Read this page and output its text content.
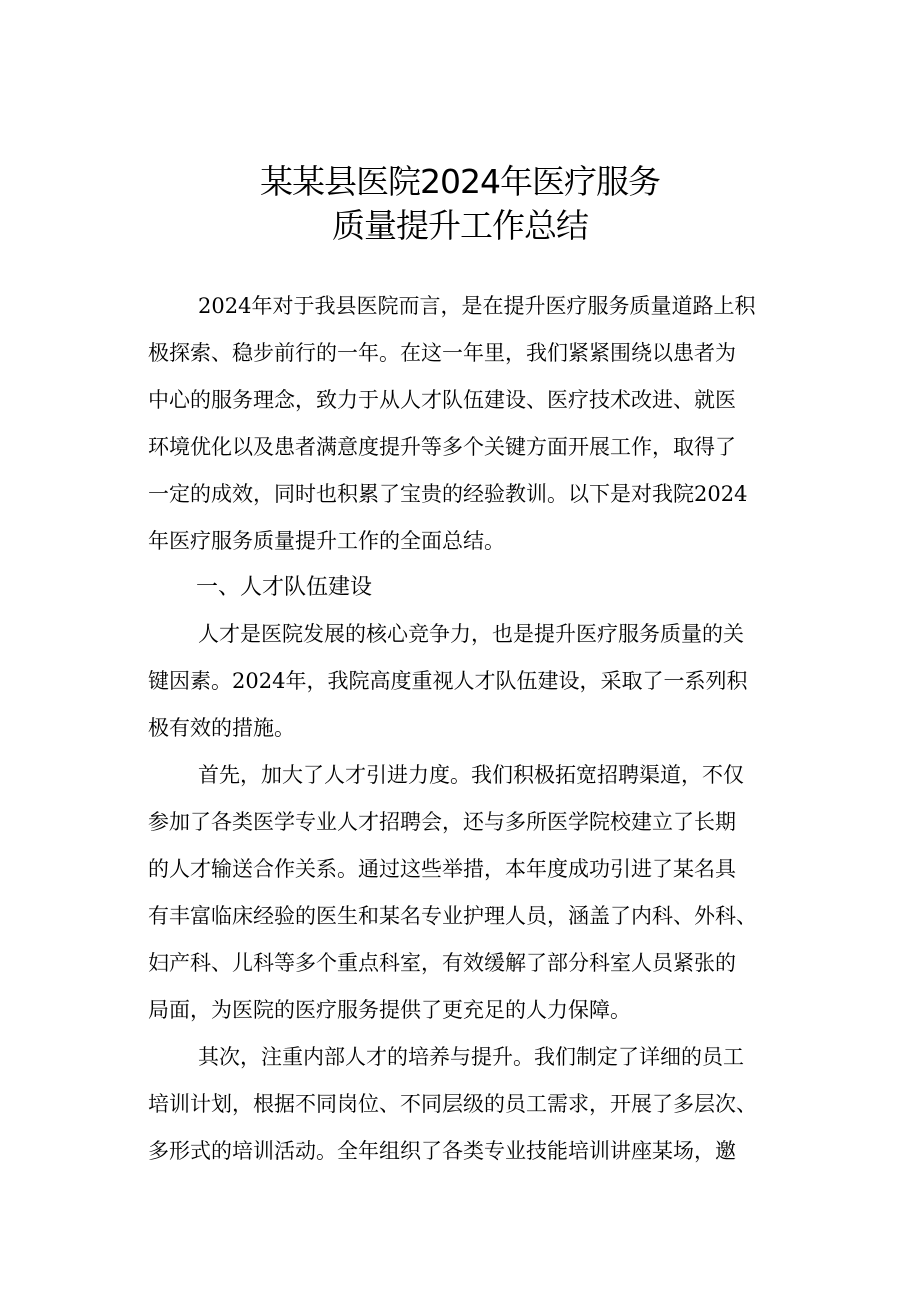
某某县医院2024年医疗服务
质量提升工作总结
2024年对于我县医院而言，是在提升医疗服务质量道路上积
极探索、稳步前行的一年。在这一年里，我们紧紧围绕以患者为
中心的服务理念，致力于从人才队伍建设、医疗技术改进、就医
环境优化以及患者满意度提升等多个关键方面开展工作，取得了
一定的成效，同时也积累了宝贵的经验教训。以下是对我院2024
年医疗服务质量提升工作的全面总结。
一、人才队伍建设
人才是医院发展的核心竞争力，也是提升医疗服务质量的关
键因素。2024年，我院高度重视人才队伍建设，采取了一系列积
极有效的措施。
首先，加大了人才引进力度。我们积极拓宽招聘渠道，不仅
参加了各类医学专业人才招聘会，还与多所医学院校建立了长期
的人才输送合作关系。通过这些举措，本年度成功引进了某名具
有丰富临床经验的医生和某名专业护理人员，涵盖了内科、外科、
妇产科、儿科等多个重点科室，有效缓解了部分科室人员紧张的
局面，为医院的医疗服务提供了更充足的人力保障。
其次，注重内部人才的培养与提升。我们制定了详细的员工
培训计划，根据不同岗位、不同层级的员工需求，开展了多层次、
多形式的培训活动。全年组织了各类专业技能培训讲座某场，邀
